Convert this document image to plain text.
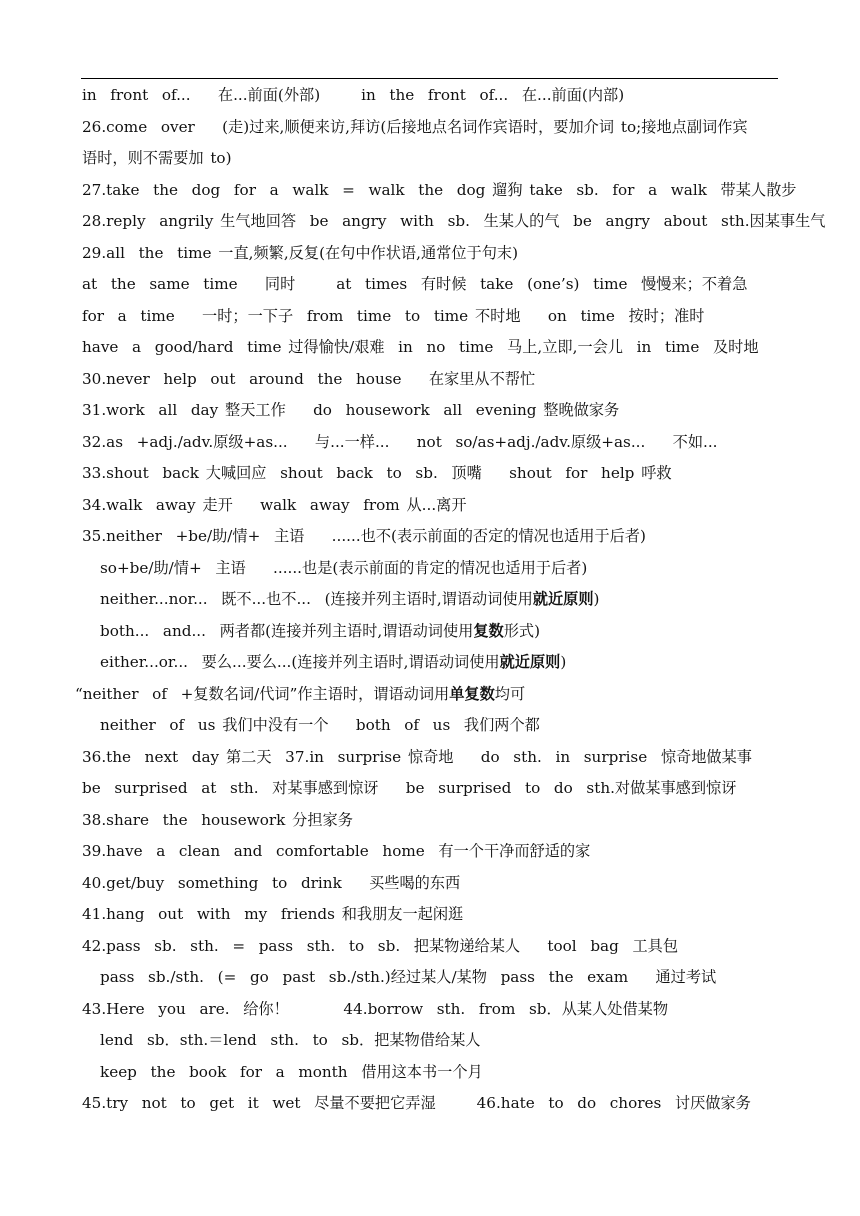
in  front  of...    在...前面(外部)      in  the  front  of...  在...前面(内部)
26.come  over    (走)过来,顺便来访,拜访(后接地点名词作宾语时，要加介词 to;接地点副词作宾
语时，则不需要加 to)
27.take  the  dog  for  a  walk  =  walk  the  dog 遛狗 take  sb.  for  a  walk  带某人散步
28.reply  angrily 生气地回答  be  angry  with  sb.  生某人的气  be  angry  about  sth.因某事生气
29.all  the  time 一直,频繁,反复(在句中作状语,通常位于句末)
at  the  same  time    同时      at  times  有时候  take  (one’s)  time  慢慢来；不着急
for  a  time    一时；一下子  from  time  to  time 不时地    on  time  按时；准时
have  a  good/hard  time 过得愉快/艰难  in  no  time  马上,立即,一会儿  in  time  及时地
30.never  help  out  around  the  house    在家里从不帮忙
31.work  all  day 整天工作    do  housework  all  evening 整晚做家务
32.as  +adj./adv.原级+as...    与...一样...    not  so/as+adj./adv.原级+as...    不如...
33.shout  back 大喊回应  shout  back  to  sb.  顶嘴    shout  for  help 呼救
34.walk  away 走开    walk  away  from 从...离开
35.neither  +be/助/情+  主语    ......也不(表示前面的否定的情况也适用于后者)
so+be/助/情+  主语    ......也是(表示前面的肯定的情况也适用于后者)
neither...nor...  既不...也不...  (连接并列主语时,谓语动词使用就近原则)
both...  and...  两者都(连接并列主语时,谓语动词使用复数形式)
either...or...  要么...要么...(连接并列主语时,谓语动词使用就近原则)
“neither  of  +复数名词/代词”作主语时，谓语动词用单复数均可
neither  of  us 我们中没有一个    both  of  us  我们两个都
36.the  next  day 第二天  37.in  surprise 惊奇地    do  sth.  in  surprise  惊奇地做某事
be  surprised  at  sth.  对某事感到惊讶    be  surprised  to  do  sth.对做某事感到惊讶
38.share  the  housework 分担家务
39.have  a  clean  and  comfortable  home  有一个干净而舒适的家
40.get/buy  something  to  drink    买些喝的东西
41.hang  out  with  my  friends 和我朋友一起闲逛
42.pass  sb.  sth.  =  pass  sth.  to  sb.  把某物递给某人    tool  bag  工具包
pass  sb./sth.  (=  go  past  sb./sth.)经过某人/某物  pass  the  exam    通过考试
43.Here  you  are.  给你！        44.borrow  sth.  from  sb．从某人处借某物
lend  sb．sth.＝lend  sth.  to  sb．把某物借给某人
keep  the  book  for  a  month  借用这本书一个月
45.try  not  to  get  it  wet  尽量不要把它弄湿      46.hate  to  do  chores  讨厌做家务
